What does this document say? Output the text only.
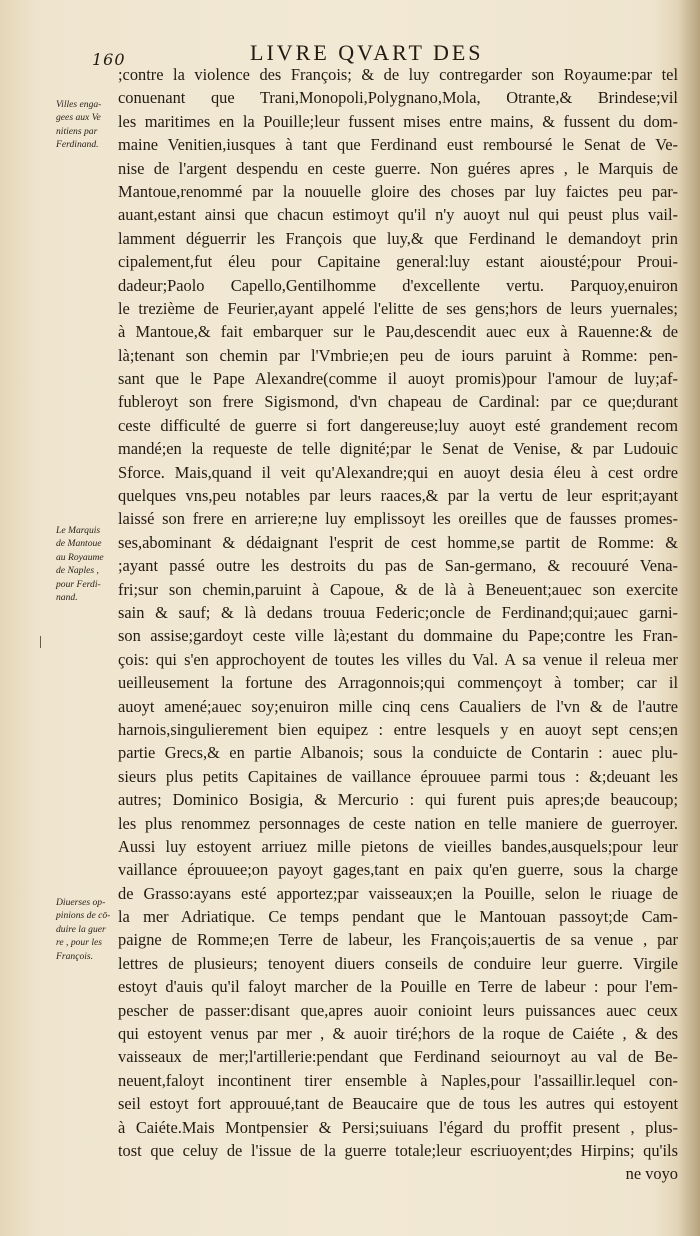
160	LIVRE QVART DES
Villes enga-
gees aux Ve
nitiens par
Ferdinand.
Le Marquis
de Mantoue
au Royaume
de Naples ,
pour Ferdi-
nand.
Diuerses op-
pinions de cō-
duire la guer
re , pour les
François.
;contre la violence des François; & de luy contregarder son Royaume:par tel
conuenant que Trani,Monopoli,Polygnano,Mola, Otrante,& Brindese;vil
les maritimes en la Pouille;leur fussent mises entre mains, & fussent du dom-
maine Venitien,iusques à tant que Ferdinand eust remboursé le Senat de Ve-
nise de l'argent despendu en ceste guerre. Non guéres apres , le Marquis de
Mantoue,renommé par la nouuelle gloire des choses par luy faictes peu par-
auant,estant ainsi que chacun estimoyt qu'il n'y auoyt nul qui peust plus vail-
lamment déguerrir les François que luy,& que Ferdinand le demandoyt prin
cipalement,fut éleu pour Capitaine general:luy estant aiousté;pour Proui-
dadeur;Paolo Capello,Gentilhomme d'excellente vertu. Parquoy,enuiron
le trezième de Feurier,ayant appelé l'elitte de ses gens;hors de leurs yuernales;
à Mantoue,& fait embarquer sur le Pau,descendit auec eux à Rauenne:& de
là;tenant son chemin par l'Vmbrie;en peu de iours paruint à Romme: pen-
sant que le Pape Alexandre(comme il auoyt promis)pour l'amour de luy;af-
fubleroyt son frere Sigismond, d'vn chapeau de Cardinal: par ce que;durant
ceste difficulté de guerre si fort dangereuse;luy auoyt esté grandement recom
mandé;en la requeste de telle dignité;par le Senat de Venise, & par Ludouic
Sforce. Mais,quand il veit qu'Alexandre;qui en auoyt desia éleu à cest ordre
quelques vns,peu notables par leurs raaces,& par la vertu de leur esprit;ayant
laissé son frere en arriere;ne luy emplissoyt les oreilles que de fausses promes-
ses,abominant & dédaignant l'esprit de cest homme,se partit de Romme: &
;ayant passé outre les destroits du pas de San-germano, & recouuré Vena-
fri;sur son chemin,paruint à Capoue, & de là à Beneuent;auec son exercite
sain & sauf; & là dedans trouua Federic;oncle de Ferdinand;qui;auec garni-
son assise;gardoyt ceste ville là;estant du dommaine du Pape;contre les Fran-
çois: qui s'en approchoyent de toutes les villes du Val. A sa venue il releua mer
ueilleusement la fortune des Arragonnois;qui commençoyt à tomber; car il
auoyt amené;auec soy;enuiron mille cinq cens Caualiers de l'vn & de l'autre
harnois,singulierement bien equipez : entre lesquels y en auoyt sept cens;en
partie Grecs,& en partie Albanois; sous la conduicte de Contarin : auec plu-
sieurs plus petits Capitaines de vaillance éprouuee parmi tous : &;deuant les
autres; Dominico Bosigia, & Mercurio : qui furent puis apres;de beaucoup;
les plus renommez personnages de ceste nation en telle maniere de guerroyer.
Aussi luy estoyent arriuez mille pietons de vieilles bandes,ausquels;pour leur
vaillance éprouuee;on payoyt gages,tant en paix qu'en guerre, sous la charge
de Grasso:ayans esté apportez;par vaisseaux;en la Pouille, selon le riuage de
la mer Adriatique. Ce temps pendant que le Mantouan passoyt;de Cam-
paigne de Romme;en Terre de labeur, les François;auertis de sa venue , par
lettres de plusieurs; tenoyent diuers conseils de conduire leur guerre. Virgile
estoyt d'auis qu'il faloyt marcher de la Pouille en Terre de labeur : pour l'em-
pescher de passer:disant que,apres auoir conioint leurs puissances auec ceux
qui estoyent venus par mer , & auoir tiré;hors de la roque de Caiéte , & des
vaisseaux de mer;l'artillerie:pendant que Ferdinand seiournoyt au val de Be-
neuent,faloyt incontinent tirer ensemble à Naples,pour l'assaillir.lequel con-
seil estoyt fort approuué,tant de Beaucaire que de tous les autres qui estoyent
à Caiéte.Mais Montpensier & Persi;suiuans l'égard du proffit present , plus-
tost que celuy de l'issue de la guerre totale;leur escriuoyent;des Hirpins; qu'ils
ne voyo
